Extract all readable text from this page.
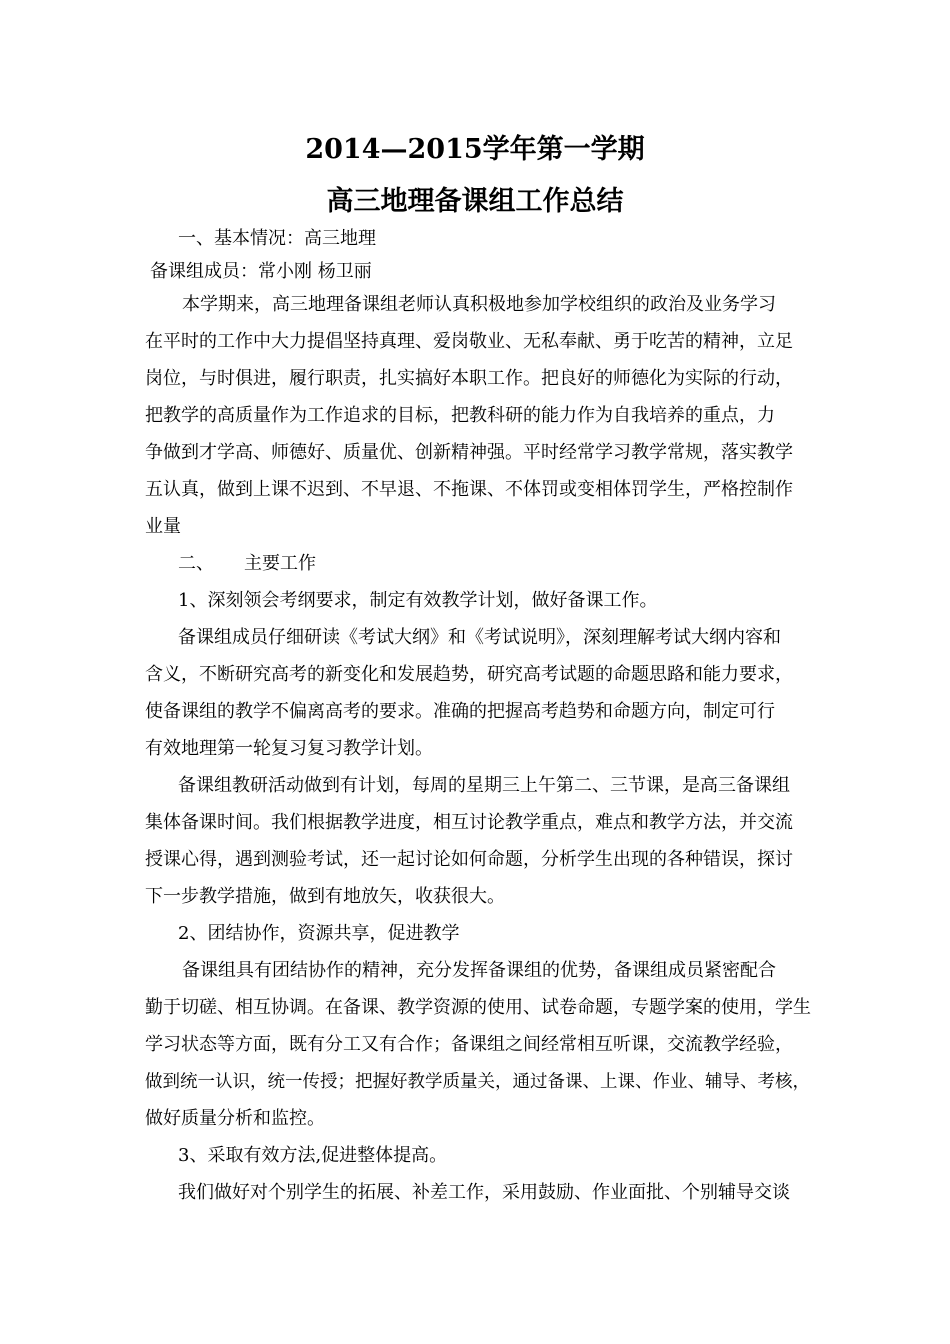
2014—2015学年第一学期
高三地理备课组工作总结
一、基本情况：高三地理
备课组成员：常小刚 杨卫丽
本学期来，高三地理备课组老师认真积极地参加学校组织的政治及业务学习
在平时的工作中大力提倡坚持真理、爱岗敬业、无私奉献、勇于吃苦的精神，立足
岗位，与时俱进，履行职责，扎实搞好本职工作。把良好的师德化为实际的行动，
把教学的高质量作为工作追求的目标，把教科研的能力作为自我培养的重点，力
争做到才学高、师德好、质量优、创新精神强。平时经常学习教学常规，落实教学
五认真，做到上课不迟到、不早退、不拖课、不体罚或变相体罚学生，严格控制作
业量
二、 主要工作
1、深刻领会考纲要求，制定有效教学计划，做好备课工作。
备课组成员仔细研读《考试大纲》和《考试说明》，深刻理解考试大纲内容和
含义，不断研究高考的新变化和发展趋势，研究高考试题的命题思路和能力要求，
使备课组的教学不偏离高考的要求。准确的把握高考趋势和命题方向，制定可行
有效地理第一轮复习复习教学计划。
备课组教研活动做到有计划，每周的星期三上午第二、三节课，是高三备课组
集体备课时间。我们根据教学进度，相互讨论教学重点，难点和教学方法，并交流
授课心得，遇到测验考试，还一起讨论如何命题，分析学生出现的各种错误，探讨
下一步教学措施，做到有地放矢，收获很大。
2、团结协作，资源共享，促进教学
备课组具有团结协作的精神，充分发挥备课组的优势，备课组成员紧密配合
勤于切磋、相互协调。在备课、教学资源的使用、试卷命题，专题学案的使用，学生
学习状态等方面，既有分工又有合作；备课组之间经常相互听课，交流教学经验，
做到统一认识，统一传授；把握好教学质量关，通过备课、上课、作业、辅导、考核，
做好质量分析和监控。
3、采取有效方法,促进整体提高。
我们做好对个别学生的拓展、补差工作，采用鼓励、作业面批、个别辅导交谈
